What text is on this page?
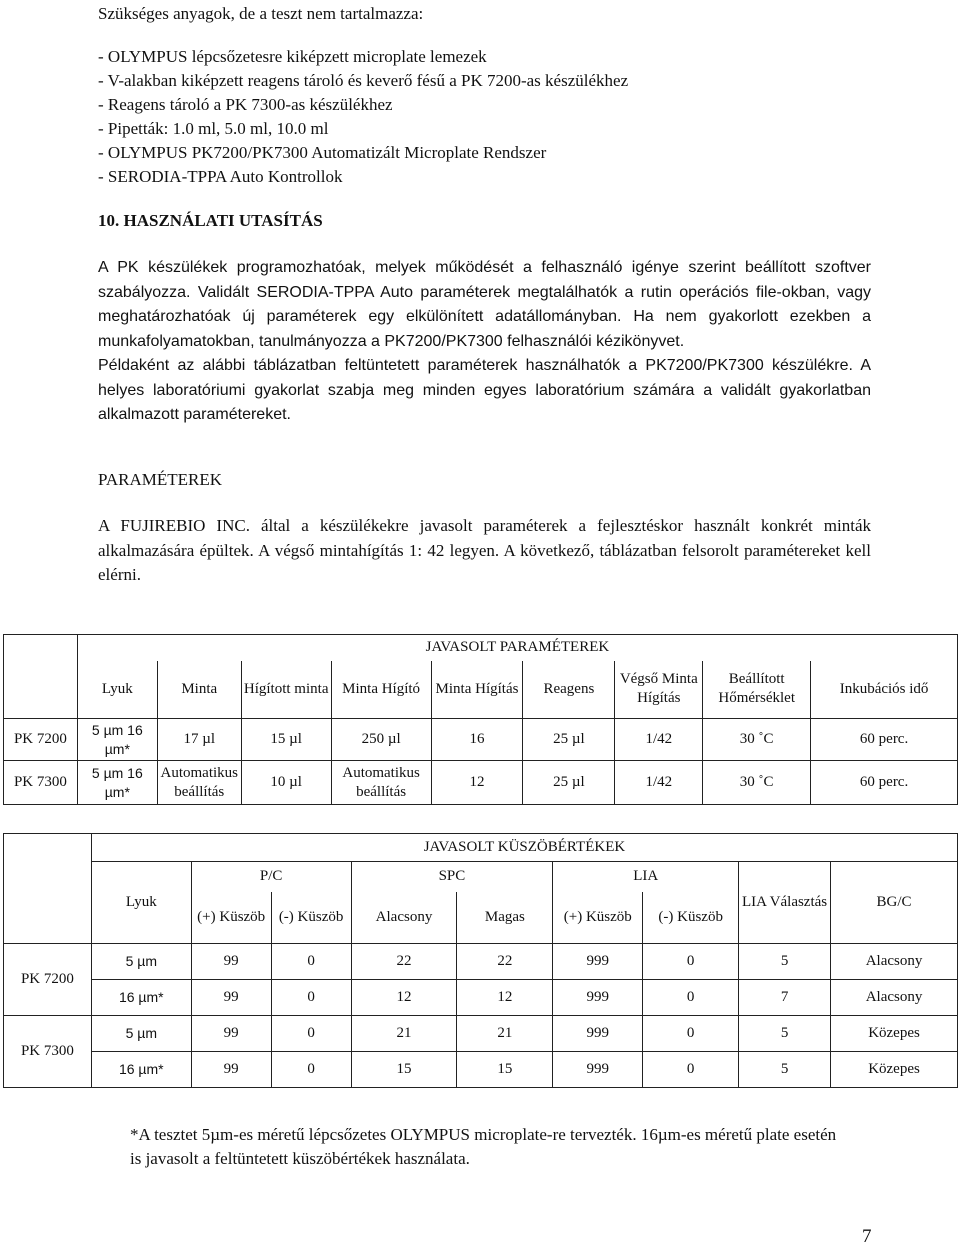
Szükséges anyagok, de a teszt nem tartalmazza:
- OLYMPUS lépcsőzetesre kiképzett microplate lemezek
- V-alakban kiképzett reagens tároló és keverő fésű a PK 7200-as készülékhez
- Reagens tároló a PK 7300-as készülékhez
- Pipetták: 1.0 ml, 5.0 ml, 10.0 ml
- OLYMPUS PK7200/PK7300 Automatizált Microplate Rendszer
- SERODIA-TPPA Auto Kontrollok
10. HASZNÁLATI UTASÍTÁS

A PK készülékek programozhatóak, melyek működését a felhasználó igénye szerint beállított szoftver szabályozza. Validált SERODIA-TPPA Auto paraméterek megtalálhatók a rutin operációs file-okban, vagy meghatározhatóak új paraméterek egy elkülönített adatállományban. Ha nem gyakorlott ezekben a munkafolyamatokban, tanulmányozza a PK7200/PK7300 felhasználói kézikönyvet.

Példaként az alábbi táblázatban feltüntetett paraméterek használhatók a PK7200/PK7300 készülékre. A helyes laboratóriumi gyakorlat szabja meg minden egyes laboratórium számára a validált gyakorlatban alkalmazott paramétereket.

PARAMÉTEREK

A FUJIREBIO INC. által a készülékekre javasolt paraméterek a fejlesztéskor használt konkrét minták alkalmazására épültek. A végső mintahígítás 1: 42 legyen. A következő, táblázatban felsorolt paramétereket kell elérni.

	JAVASOLT PARAMÉTEREK								
	Lyuk	Minta	Hígított minta	Minta Hígító	Minta Hígítás	Reagens	Végső Minta Hígítás	Beállított Hőmérséklet	Inkubációs idő
PK 7200	5 µm 16 µm*	17 µl	15 µl	250 µl	16	25 µl	1/42	30 ˚C	60 perc.
PK 7300	5 µm 16 µm*	Automatikus beállítás	10 µl	Automatikus beállítás	12	25 µl	1/42	30 ˚C	60 perc.
	JAVASOLT KÜSZÖBÉRTÉKEK								
	Lyuk	P/C		SPC		LIA		LIA Választás	BG/C
		(+) Küszöb	(-) Küszöb	Alacsony	Magas	(+) Küszöb	(-) Küszöb		
PK 7200	5 µm	99	0	22	22	999	0	5	Alacsony
	16 µm*	99	0	12	12	999	0	7	Alacsony
PK 7300	5 µm	99	0	21	21	999	0	5	Közepes
	16 µm*	99	0	15	15	999	0	5	Közepes
*A tesztet 5µm-es méretű lépcsőzetes OLYMPUS microplate-re tervezték. 16µm-es méretű plate esetén is javasolt a feltüntetett küszöbértékek használata.
7
